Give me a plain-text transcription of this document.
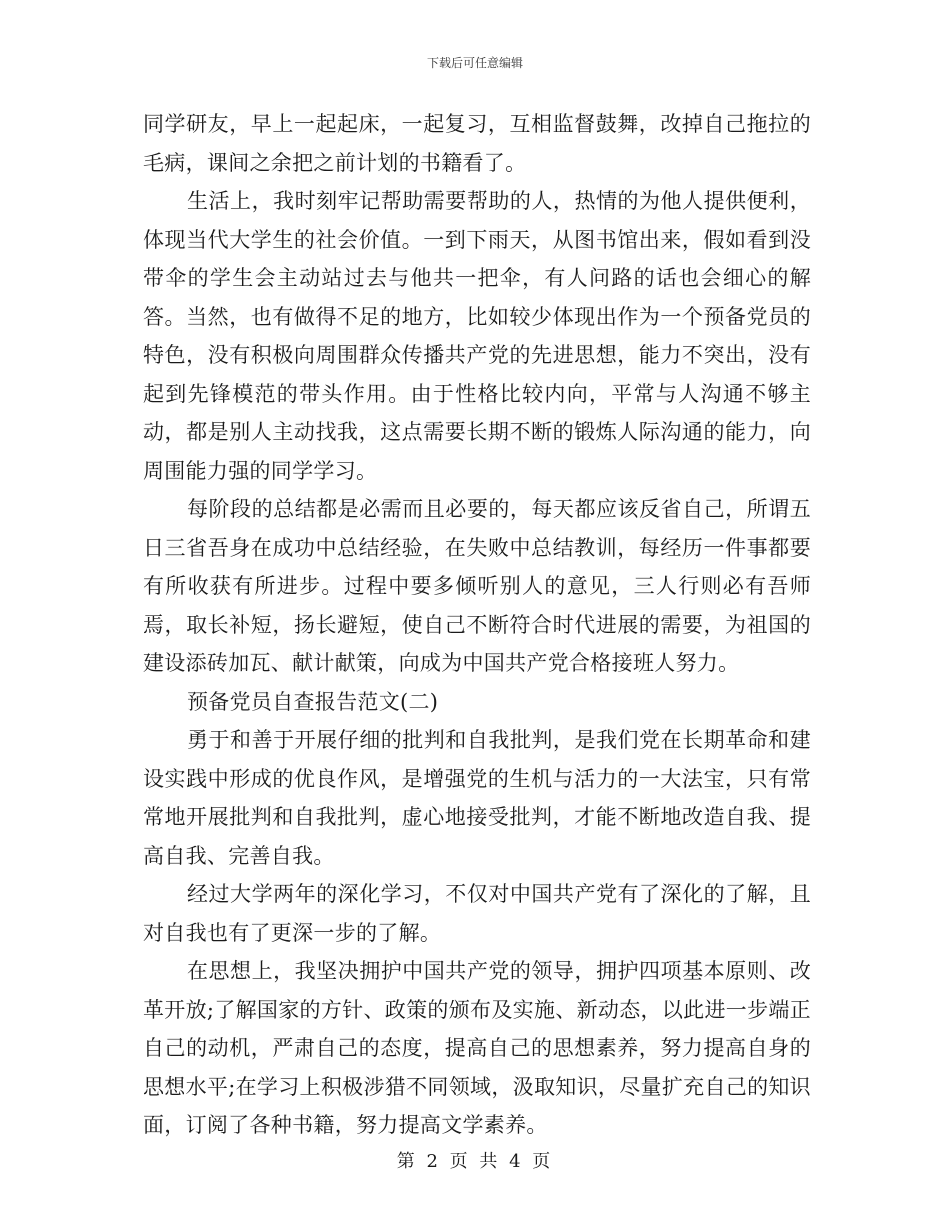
下载后可任意编辑

同学研友，早上一起起床，一起复习，互相监督鼓舞，改掉自己拖拉的毛病，课间之余把之前计划的书籍看了。

生活上，我时刻牢记帮助需要帮助的人，热情的为他人提供便利，体现当代大学生的社会价值。一到下雨天，从图书馆出来，假如看到没带伞的学生会主动站过去与他共一把伞，有人问路的话也会细心的解答。当然，也有做得不足的地方，比如较少体现出作为一个预备党员的特色，没有积极向周围群众传播共产党的先进思想，能力不突出，没有起到先锋模范的带头作用。由于性格比较内向，平常与人沟通不够主动，都是别人主动找我，这点需要长期不断的锻炼人际沟通的能力，向周围能力强的同学学习。

每阶段的总结都是必需而且必要的，每天都应该反省自己，所谓五日三省吾身在成功中总结经验，在失败中总结教训，每经历一件事都要有所收获有所进步。过程中要多倾听别人的意见，三人行则必有吾师焉，取长补短，扬长避短，使自己不断符合时代进展的需要，为祖国的建设添砖加瓦、献计献策，向成为中国共产党合格接班人努力。

预备党员自查报告范文(二)

勇于和善于开展仔细的批判和自我批判，是我们党在长期革命和建设实践中形成的优良作风，是增强党的生机与活力的一大法宝，只有常常地开展批判和自我批判，虚心地接受批判，才能不断地改造自我、提高自我、完善自我。

经过大学两年的深化学习，不仅对中国共产党有了深化的了解，且对自我也有了更深一步的了解。

在思想上，我坚决拥护中国共产党的领导，拥护四项基本原则、改革开放;了解国家的方针、政策的颁布及实施、新动态，以此进一步端正自己的动机，严肃自己的态度，提高自己的思想素养，努力提高自身的思想水平;在学习上积极涉猎不同领域，汲取知识，尽量扩充自己的知识面，订阅了各种书籍，努力提高文学素养。

第 2 页 共 4 页
